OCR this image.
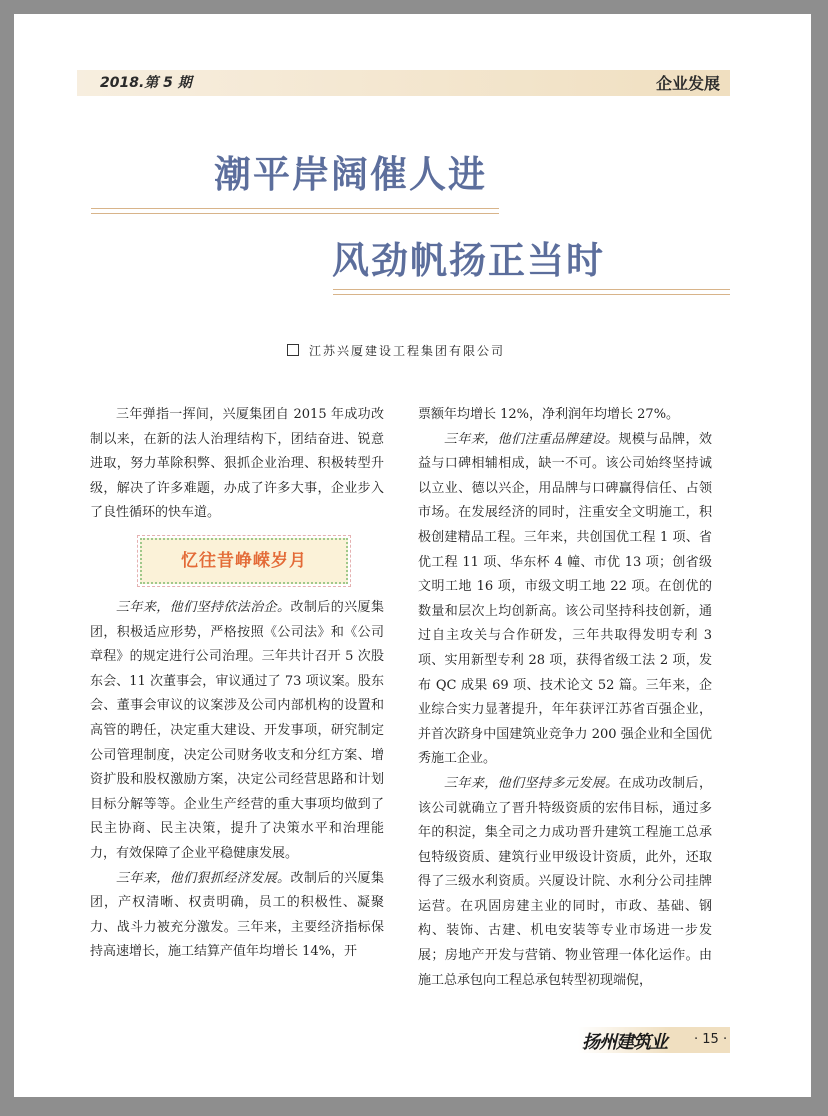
2018.第 5 期	企业发展
潮平岸阔催人进
风劲帆扬正当时
江苏兴厦建设工程集团有限公司

三年弹指一挥间，兴厦集团自 2015 年成功改制以来，在新的法人治理结构下，团结奋进、锐意进取，努力革除积弊、狠抓企业治理、积极转型升级，解决了许多难题，办成了许多大事，企业步入了良性循环的快车道。

忆往昔峥嵘岁月

三年来，他们坚持依法治企。改制后的兴厦集团，积极适应形势，严格按照《公司法》和《公司章程》的规定进行公司治理。三年共计召开 5 次股东会、11 次董事会，审议通过了 73 项议案。股东会、董事会审议的议案涉及公司内部机构的设置和高管的聘任，决定重大建设、开发事项，研究制定公司管理制度，决定公司财务收支和分红方案、增资扩股和股权激励方案，决定公司经营思路和计划目标分解等等。企业生产经营的重大事项均做到了民主协商、民主决策，提升了决策水平和治理能力，有效保障了企业平稳健康发展。

三年来，他们狠抓经济发展。改制后的兴厦集团，产权清晰、权责明确，员工的积极性、凝聚力、战斗力被充分激发。三年来，主要经济指标保持高速增长，施工结算产值年均增长 14%，开

票额年均增长 12%，净利润年均增长 27%。

三年来，他们注重品牌建设。规模与品牌，效益与口碑相辅相成，缺一不可。该公司始终坚持诚以立业、德以兴企，用品牌与口碑赢得信任、占领市场。在发展经济的同时，注重安全文明施工，积极创建精品工程。三年来，共创国优工程 1 项、省优工程 11 项、华东杯 4 幢、市优 13 项；创省级文明工地 16 项，市级文明工地 22 项。在创优的数量和层次上均创新高。该公司坚持科技创新，通过自主攻关与合作研发，三年共取得发明专利 3 项、实用新型专利 28 项，获得省级工法 2 项，发布 QC 成果 69 项、技术论文 52 篇。三年来，企业综合实力显著提升，年年获评江苏省百强企业，并首次跻身中国建筑业竞争力 200 强企业和全国优秀施工企业。

三年来，他们坚持多元发展。在成功改制后，该公司就确立了晋升特级资质的宏伟目标，通过多年的积淀，集全司之力成功晋升建筑工程施工总承包特级资质、建筑行业甲级设计资质，此外，还取得了三级水利资质。兴厦设计院、水利分公司挂牌运营。在巩固房建主业的同时，市政、基础、钢构、装饰、古建、机电安装等专业市场进一步发展；房地产开发与营销、物业管理一体化运作。由施工总承包向工程总承包转型初现端倪，

扬州建筑业 · 15 ·
